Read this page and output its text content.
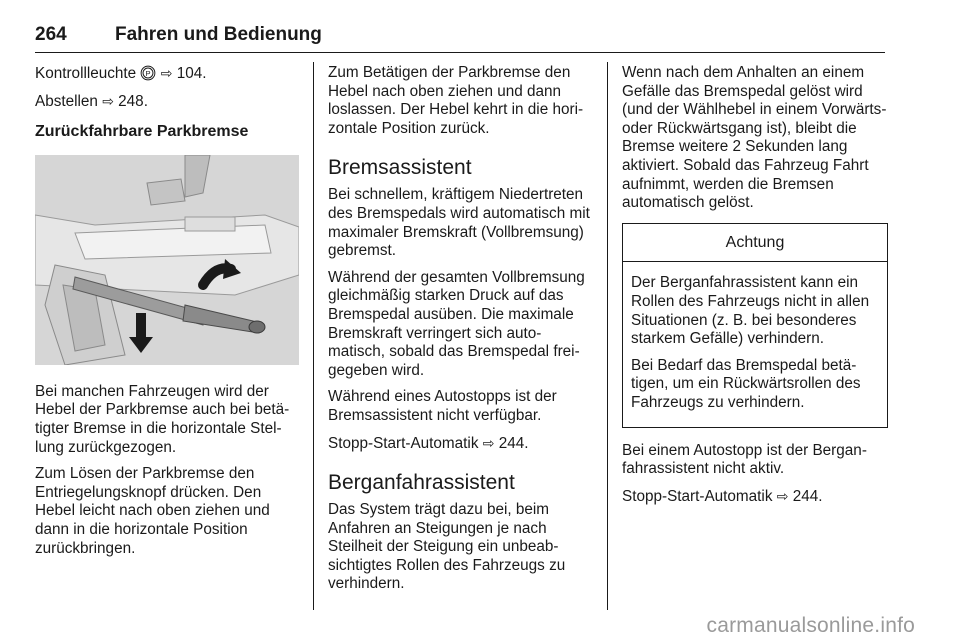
264	Fahren und Bedienung

Kontrollleuchte P ⇨ 104.

Abstellen ⇨ 248.

Zurückfahrbare Parkbremse

Bei manchen Fahrzeugen wird der Hebel der Parkbremse auch bei betätigter Bremse in die horizontale Stellung zurückgezogen.

Zum Lösen der Parkbremse den Entriegelungsknopf drücken. Den Hebel leicht nach oben ziehen und dann in die horizontale Position zurückbringen.

Zum Betätigen der Parkbremse den Hebel nach oben ziehen und dann loslassen. Der Hebel kehrt in die horizontale Position zurück.

Bremsassistent

Bei schnellem, kräftigem Niedertreten des Bremspedals wird automatisch mit maximaler Bremskraft (Vollbremsung) gebremst.

Während der gesamten Vollbremsung gleichmäßig starken Druck auf das Bremspedal ausüben. Die maximale Bremskraft verringert sich automatisch, sobald das Bremspedal freigegeben wird.

Während eines Autostopps ist der Bremsassistent nicht verfügbar.

Stopp-Start-Automatik ⇨ 244.

Berganfahrassistent

Das System trägt dazu bei, beim Anfahren an Steigungen je nach Steilheit der Steigung ein unbeabsichtigtes Rollen des Fahrzeugs zu verhindern.

Wenn nach dem Anhalten an einem Gefälle das Bremspedal gelöst wird (und der Wählhebel in einem Vorwärts- oder Rückwärtsgang ist), bleibt die Bremse weitere 2 Sekunden lang aktiviert. Sobald das Fahrzeug Fahrt aufnimmt, werden die Bremsen automatisch gelöst.

Achtung

Der Berganfahrassistent kann ein Rollen des Fahrzeugs nicht in allen Situationen (z. B. bei besonderes starkem Gefälle) verhindern.

Bei Bedarf das Bremspedal betätigen, um ein Rückwärtsrollen des Fahrzeugs zu verhindern.

Bei einem Autostopp ist der Berganfahrassistent nicht aktiv.

Stopp-Start-Automatik ⇨ 244.

carmanualsonline.info
